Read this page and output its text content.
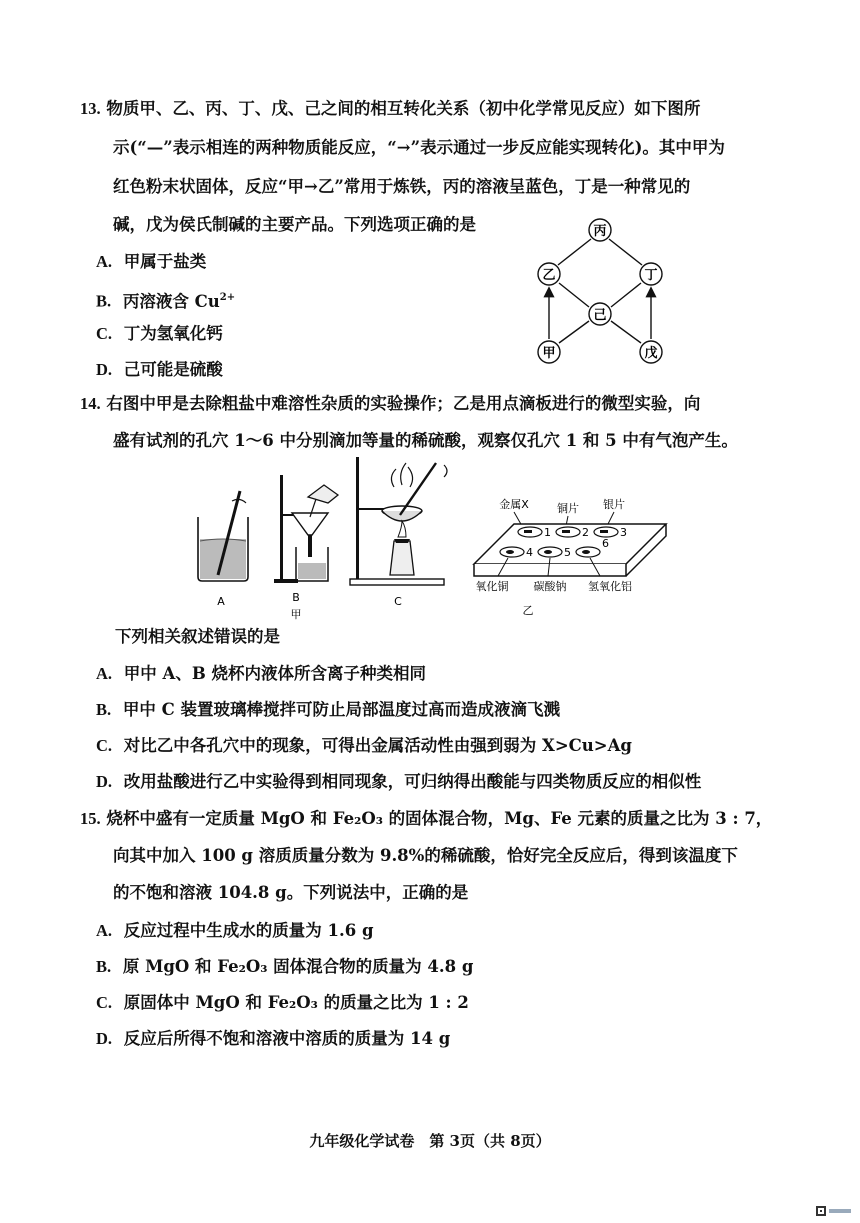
13. 物质甲、乙、丙、丁、戊、己之间的相互转化关系（初中化学常见反应）如下图所
示(“—”表示相连的两种物质能反应，“→”表示通过一步反应能实现转化)。其中甲为
红色粉末状固体，反应“甲→乙”常用于炼铁，丙的溶液呈蓝色，丁是一种常见的
碱，戊为侯氏制碱的主要产品。下列选项正确的是
A. 甲属于盐类
B. 丙溶液含 $Cu^{2+}$
C. 丁为氢氧化钙
D. 己可能是硫酸
丙
乙	丁
己
甲	戊
14. 右图中甲是去除粗盐中难溶性杂质的实验操作；乙是用点滴板进行的微型实验，向
盛有试剂的孔穴 1～6 中分别滴加等量的稀硫酸，观察仅孔穴 1 和 5 中有气泡产生。
A	B
甲
C
金属X	铜片 银片
1	2	3
4	5
6
氧化铜 碳酸钠 氢氧化铝
乙
下列相关叙述错误的是
A. 甲中 A、B 烧杯内液体所含离子种类相同
B. 甲中 C 装置玻璃棒搅拌可防止局部温度过高而造成液滴飞溅
C. 对比乙中各孔穴中的现象，可得出金属活动性由强到弱为 X>Cu>Ag
D. 改用盐酸进行乙中实验得到相同现象，可归纳得出酸能与四类物质反应的相似性
15. 烧杯中盛有一定质量 MgO 和 Fe₂O₃ 的固体混合物，Mg、Fe 元素的质量之比为 3 : 7，
向其中加入 100 g 溶质质量分数为 9.8%的稀硫酸，恰好完全反应后，得到该温度下
的不饱和溶液 104.8 g。下列说法中，正确的是
A. 反应过程中生成水的质量为 1.6 g
B. 原 MgO 和 Fe₂O₃ 固体混合物的质量为 4.8 g
C. 原固体中 MgO 和 Fe₂O₃ 的质量之比为 1 : 2
D. 反应后所得不饱和溶液中溶质的质量为 14 g
九年级化学试卷　第 3页（共 8页）
